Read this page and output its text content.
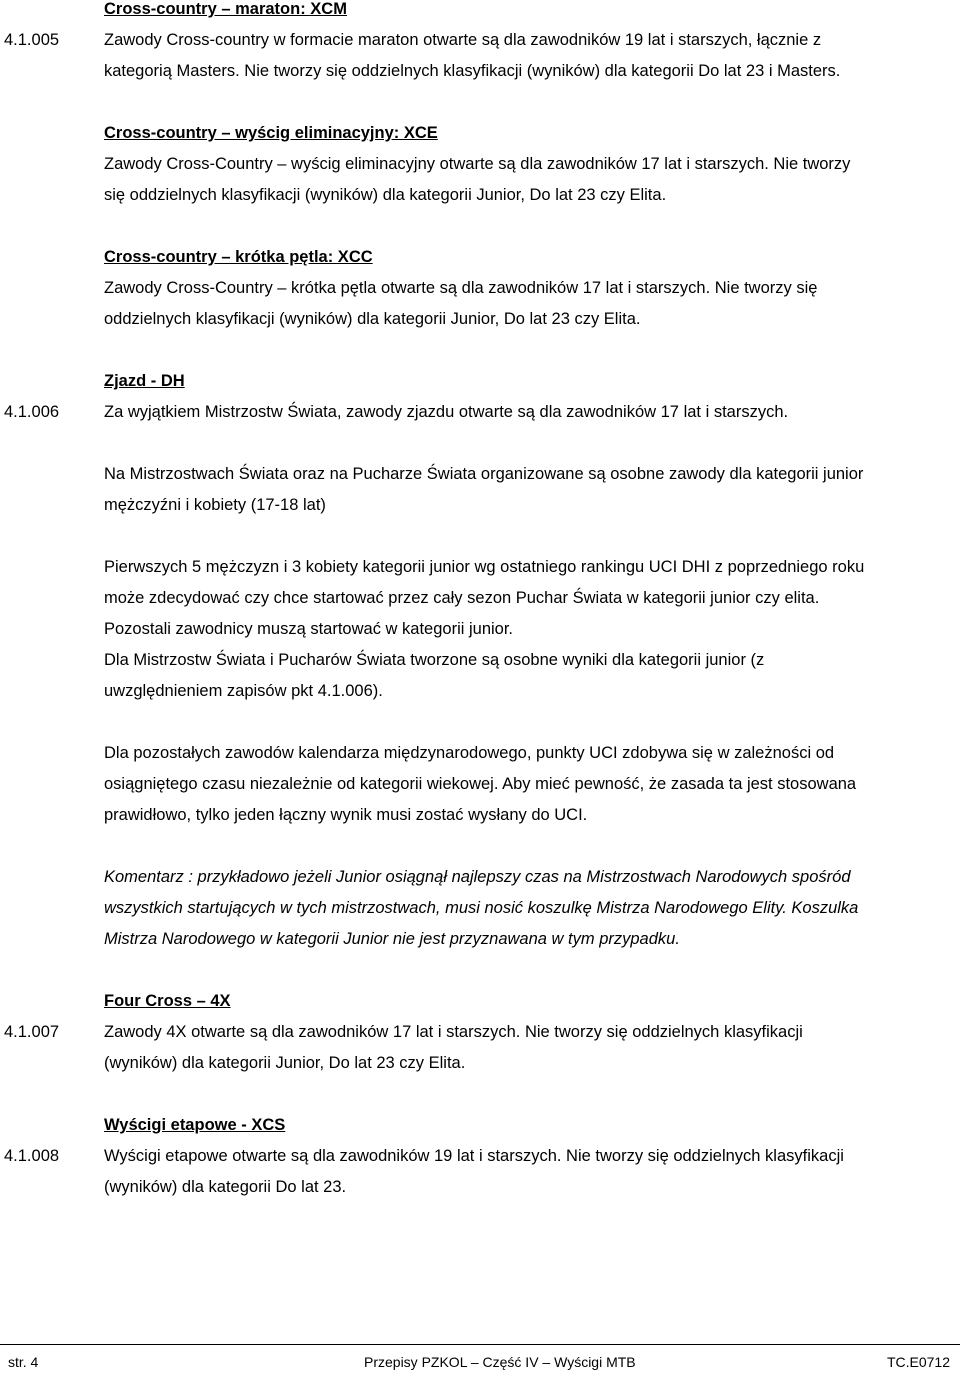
Cross-country – maraton: XCM
4.1.005	Zawody Cross-country w formacie maraton otwarte są dla zawodników 19 lat i starszych, łącznie z
kategorią Masters. Nie tworzy się oddzielnych klasyfikacji (wyników) dla kategorii Do lat 23 i Masters.
Cross-country – wyścig eliminacyjny: XCE
Zawody Cross-Country – wyścig eliminacyjny otwarte są dla zawodników 17 lat i starszych. Nie tworzy
się oddzielnych klasyfikacji (wyników) dla kategorii Junior, Do lat 23 czy Elita.
Cross-country – krótka pętla: XCC
Zawody Cross-Country – krótka pętla otwarte są dla zawodników 17 lat i starszych. Nie tworzy się
oddzielnych klasyfikacji (wyników) dla kategorii Junior, Do lat 23 czy Elita.
Zjazd - DH
4.1.006	Za wyjątkiem Mistrzostw Świata, zawody zjazdu otwarte są dla zawodników 17 lat i starszych.
Na Mistrzostwach Świata oraz na Pucharze Świata organizowane są osobne zawody dla kategorii junior
mężczyźni i kobiety (17-18 lat)
Pierwszych 5 mężczyzn i 3 kobiety kategorii junior wg ostatniego rankingu UCI DHI z poprzedniego roku
może zdecydować czy chce startować przez cały sezon Puchar Świata w kategorii junior czy elita.
Pozostali zawodnicy muszą startować w kategorii junior.
Dla Mistrzostw Świata i Pucharów Świata tworzone są osobne wyniki dla kategorii junior (z
uwzględnieniem zapisów pkt 4.1.006).
Dla pozostałych zawodów kalendarza międzynarodowego, punkty UCI zdobywa się w zależności od
osiągniętego czasu niezależnie od kategorii wiekowej. Aby mieć pewność, że zasada ta jest stosowana
prawidłowo, tylko jeden łączny wynik musi zostać wysłany do UCI.
Komentarz : przykładowo jeżeli Junior osiągnął najlepszy czas na Mistrzostwach Narodowych spośród
wszystkich startujących w tych mistrzostwach, musi nosić koszulkę Mistrza Narodowego Elity. Koszulka
Mistrza Narodowego w kategorii Junior nie jest przyznawana w tym przypadku.
Four Cross – 4X
4.1.007	Zawody 4X otwarte są dla zawodników 17 lat i starszych. Nie tworzy się oddzielnych klasyfikacji
(wyników) dla kategorii Junior, Do lat 23 czy Elita.
Wyścigi etapowe - XCS
4.1.008	Wyścigi etapowe otwarte są dla zawodników 19 lat i starszych. Nie tworzy się oddzielnych klasyfikacji
(wyników) dla kategorii Do lat 23.
str. 4	Przepisy PZKOL – Część IV – Wyścigi MTB	TC.E0712
